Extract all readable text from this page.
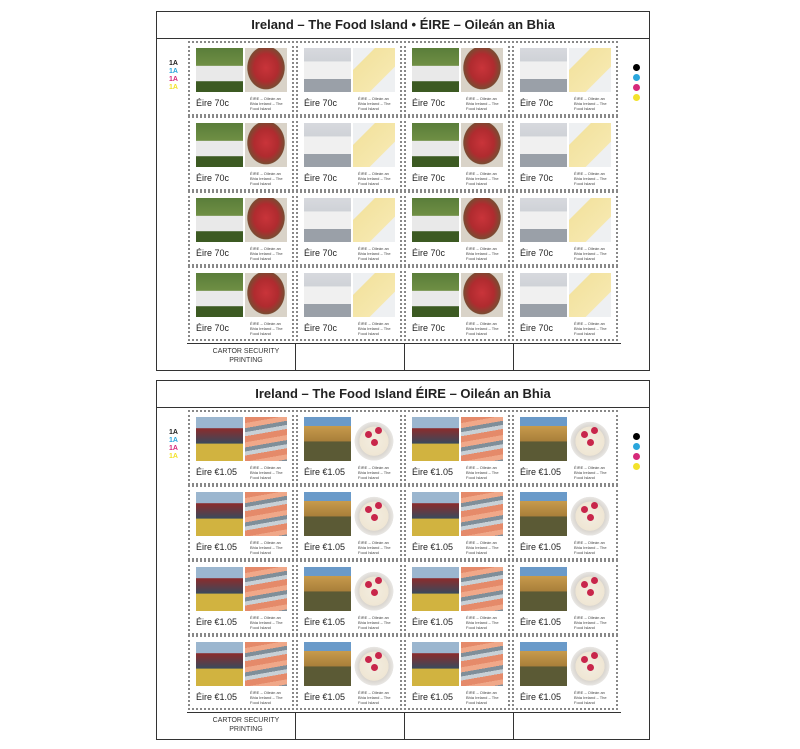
Ireland – The Food Island • ÉIRE – Oileán an Bhia
1A
1A
1A
1A
Éire 70c	ÉIRE – Oileán an Bhia Ireland – The Food Island
Éire 70c	ÉIRE – Oileán an Bhia Ireland – The Food Island
Éire 70c	ÉIRE – Oileán an Bhia Ireland – The Food Island
Éire 70c	ÉIRE – Oileán an Bhia Ireland – The Food Island
Éire 70c	ÉIRE – Oileán an Bhia Ireland – The Food Island
Éire 70c	ÉIRE – Oileán an Bhia Ireland – The Food Island
Éire 70c	ÉIRE – Oileán an Bhia Ireland – The Food Island
Éire 70c	ÉIRE – Oileán an Bhia Ireland – The Food Island
Éire 70c	ÉIRE – Oileán an Bhia Ireland – The Food Island
Éire 70c	ÉIRE – Oileán an Bhia Ireland – The Food Island
Éire 70c	ÉIRE – Oileán an Bhia Ireland – The Food Island
Éire 70c	ÉIRE – Oileán an Bhia Ireland – The Food Island
Éire 70c	ÉIRE – Oileán an Bhia Ireland – The Food Island
Éire 70c	ÉIRE – Oileán an Bhia Ireland – The Food Island
Éire 70c	ÉIRE – Oileán an Bhia Ireland – The Food Island
Éire 70c	ÉIRE – Oileán an Bhia Ireland – The Food Island
CARTOR SECURITY PRINTING
Ireland – The Food Island ÉIRE – Oileán an Bhia
1A
1A
1A
1A
Éire €1.05	ÉIRE – Oileán an Bhia Ireland – The Food Island
Éire €1.05	ÉIRE – Oileán an Bhia Ireland – The Food Island
Éire €1.05	ÉIRE – Oileán an Bhia Ireland – The Food Island
Éire €1.05	ÉIRE – Oileán an Bhia Ireland – The Food Island
Éire €1.05	ÉIRE – Oileán an Bhia Ireland – The Food Island
Éire €1.05	ÉIRE – Oileán an Bhia Ireland – The Food Island
Éire €1.05	ÉIRE – Oileán an Bhia Ireland – The Food Island
Éire €1.05	ÉIRE – Oileán an Bhia Ireland – The Food Island
Éire €1.05	ÉIRE – Oileán an Bhia Ireland – The Food Island
Éire €1.05	ÉIRE – Oileán an Bhia Ireland – The Food Island
Éire €1.05	ÉIRE – Oileán an Bhia Ireland – The Food Island
Éire €1.05	ÉIRE – Oileán an Bhia Ireland – The Food Island
Éire €1.05	ÉIRE – Oileán an Bhia Ireland – The Food Island
Éire €1.05	ÉIRE – Oileán an Bhia Ireland – The Food Island
Éire €1.05	ÉIRE – Oileán an Bhia Ireland – The Food Island
Éire €1.05	ÉIRE – Oileán an Bhia Ireland – The Food Island
CARTOR SECURITY PRINTING
